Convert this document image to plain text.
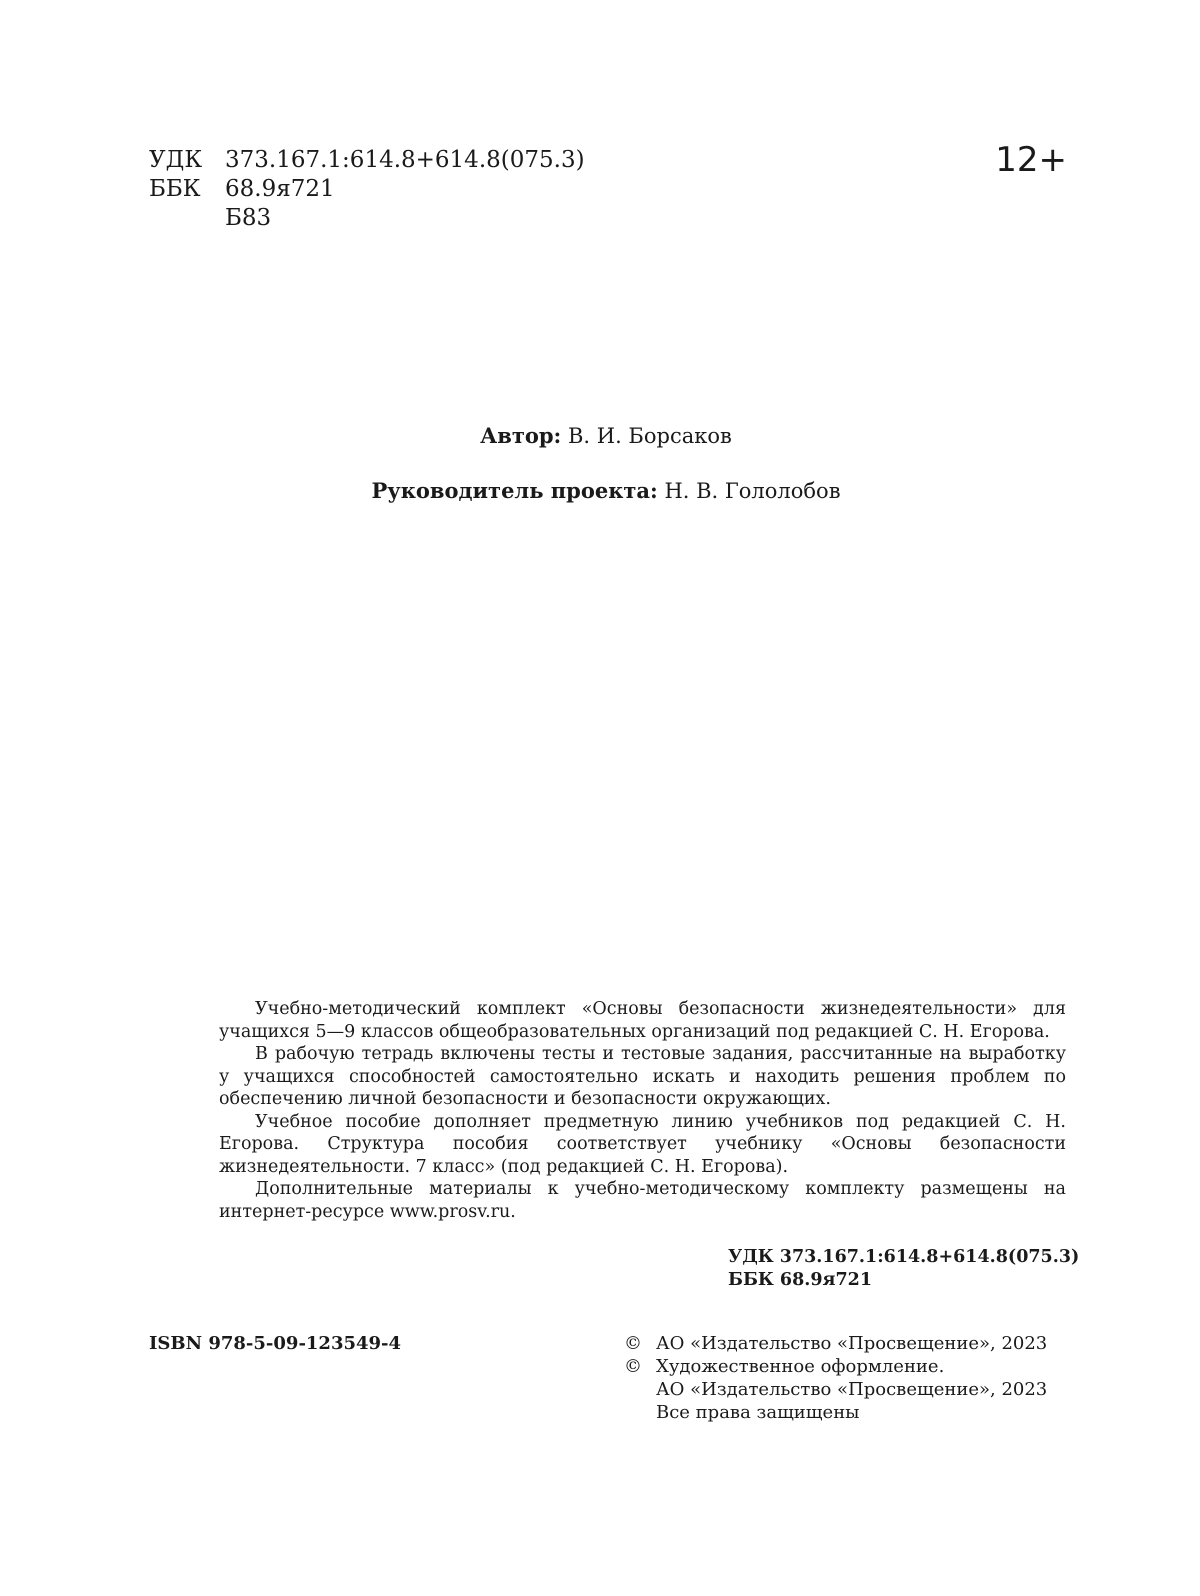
УДК 373.167.1:614.8+614.8(075.3)
ББК	68.9я721
Б83
12+
Автор: В. И. Борсаков
Руководитель проекта: Н. В. Гололобов

Учебно-методический комплект «Основы безопасности жизнедеятельности» для учащихся 5—9 классов общеобразовательных организаций под редакцией С. Н. Егорова.

В рабочую тетрадь включены тесты и тестовые задания, рассчитанные на выработку у учащихся способностей самостоятельно искать и находить решения проблем по обеспечению личной безопасности и безопасности окружающих.

Учебное пособие дополняет предметную линию учебников под редакцией С. Н. Егорова. Структура пособия соответствует учебнику «Основы безопасности жизнедеятельности. 7 класс» (под редакцией С. Н. Егорова).

Дополнительные материалы к учебно-методическому комплекту размещены на интернет-ресурсе www.prosv.ru.

УДК 373.167.1:614.8+614.8(075.3)
ББК 68.9я721
ISBN 978-5-09-123549-4	© АО «Издательство «Просвещение», 2023
© Художественное оформление.
АО «Издательство «Просвещение», 2023
Все права защищены
